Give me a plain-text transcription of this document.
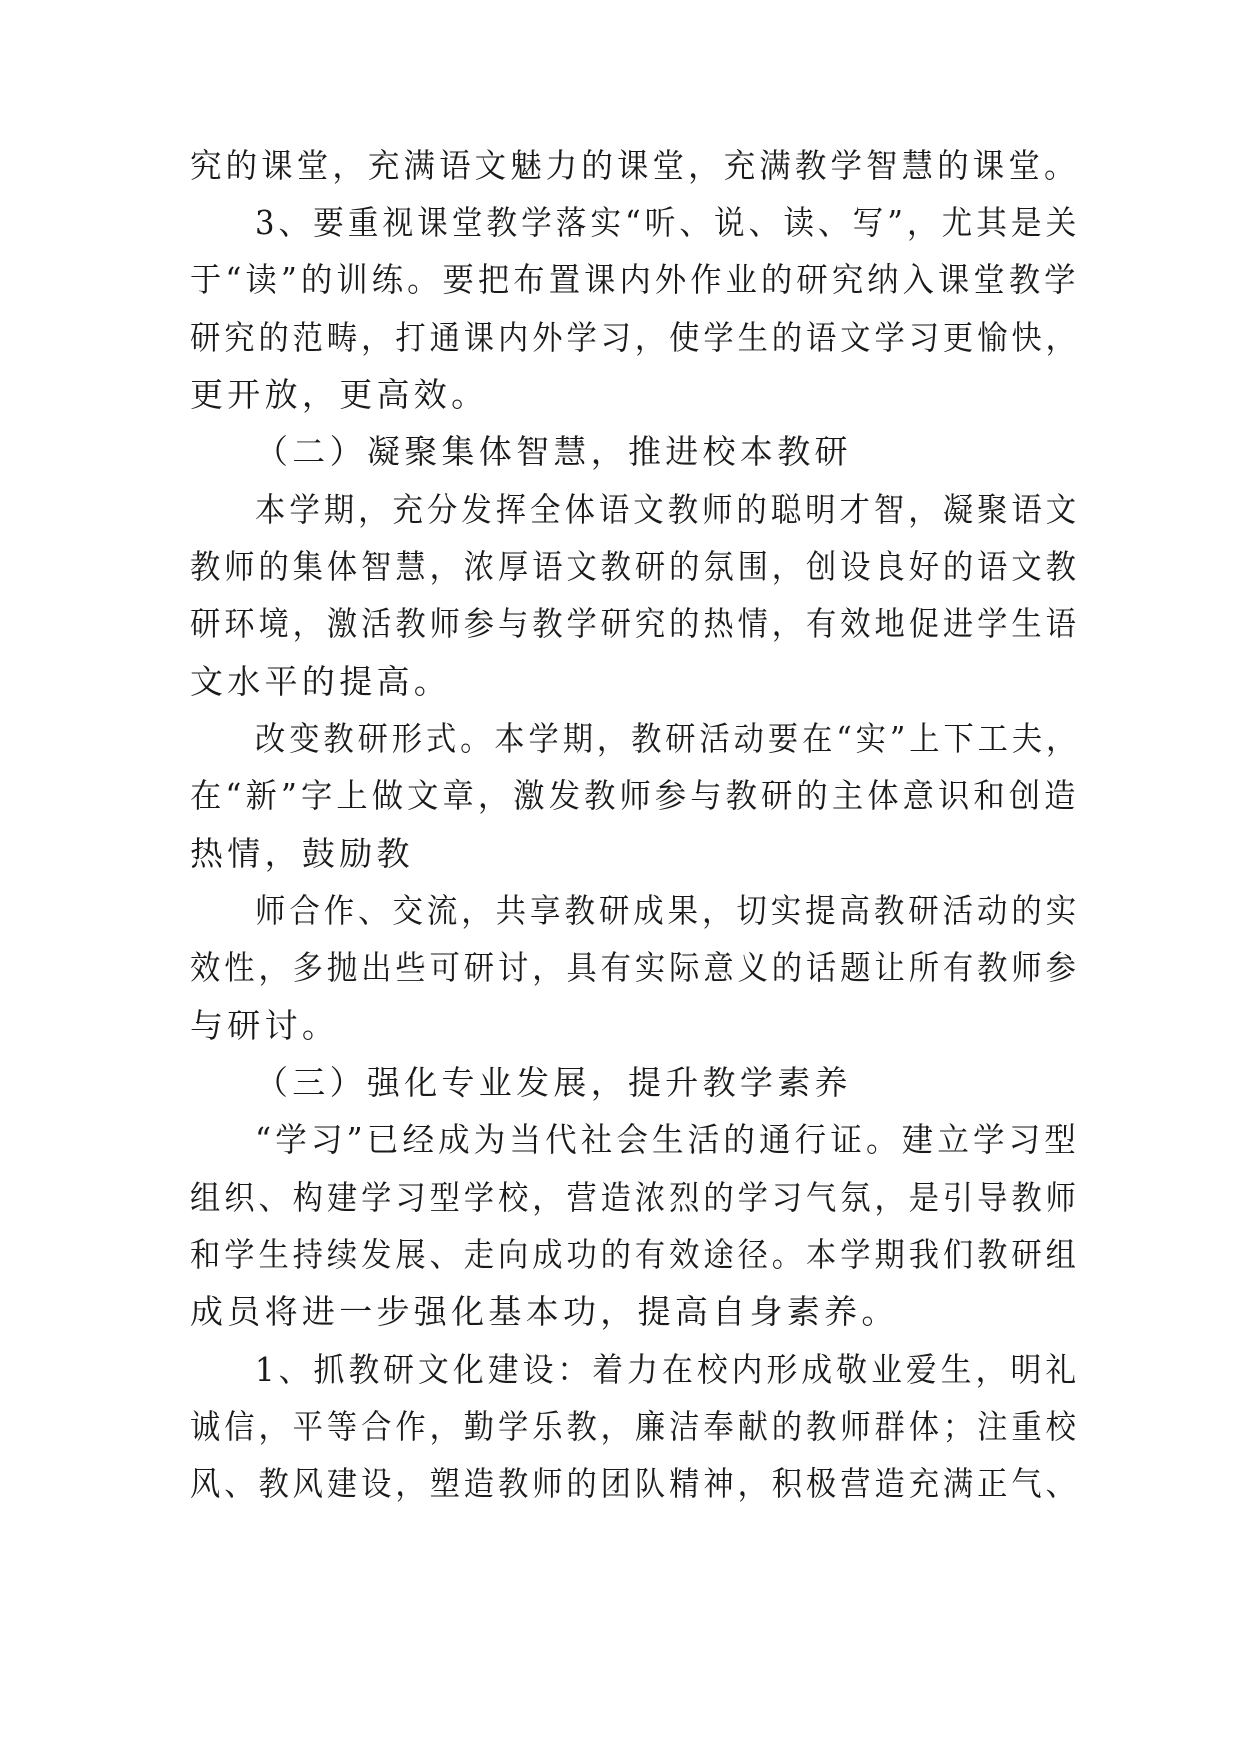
究的课堂，充满语文魅力的课堂，充满教学智慧的课堂。
3、要重视课堂教学落实“听、说、读、写”，尤其是关
于“读”的训练。要把布置课内外作业的研究纳入课堂教学
研究的范畴，打通课内外学习，使学生的语文学习更愉快，
更开放，更高效。
（二）凝聚集体智慧，推进校本教研
本学期，充分发挥全体语文教师的聪明才智，凝聚语文
教师的集体智慧，浓厚语文教研的氛围，创设良好的语文教
研环境，激活教师参与教学研究的热情，有效地促进学生语
文水平的提高。
改变教研形式。本学期，教研活动要在“实”上下工夫，
在“新”字上做文章，激发教师参与教研的主体意识和创造
热情，鼓励教
师合作、交流，共享教研成果，切实提高教研活动的实
效性，多抛出些可研讨，具有实际意义的话题让所有教师参
与研讨。
（三）强化专业发展，提升教学素养
“学习”已经成为当代社会生活的通行证。建立学习型
组织、构建学习型学校，营造浓烈的学习气氛，是引导教师
和学生持续发展、走向成功的有效途径。本学期我们教研组
成员将进一步强化基本功，提高自身素养。
1、抓教研文化建设：着力在校内形成敬业爱生，明礼
诚信，平等合作，勤学乐教，廉洁奉献的教师群体；注重校
风、教风建设，塑造教师的团队精神，积极营造充满正气、
